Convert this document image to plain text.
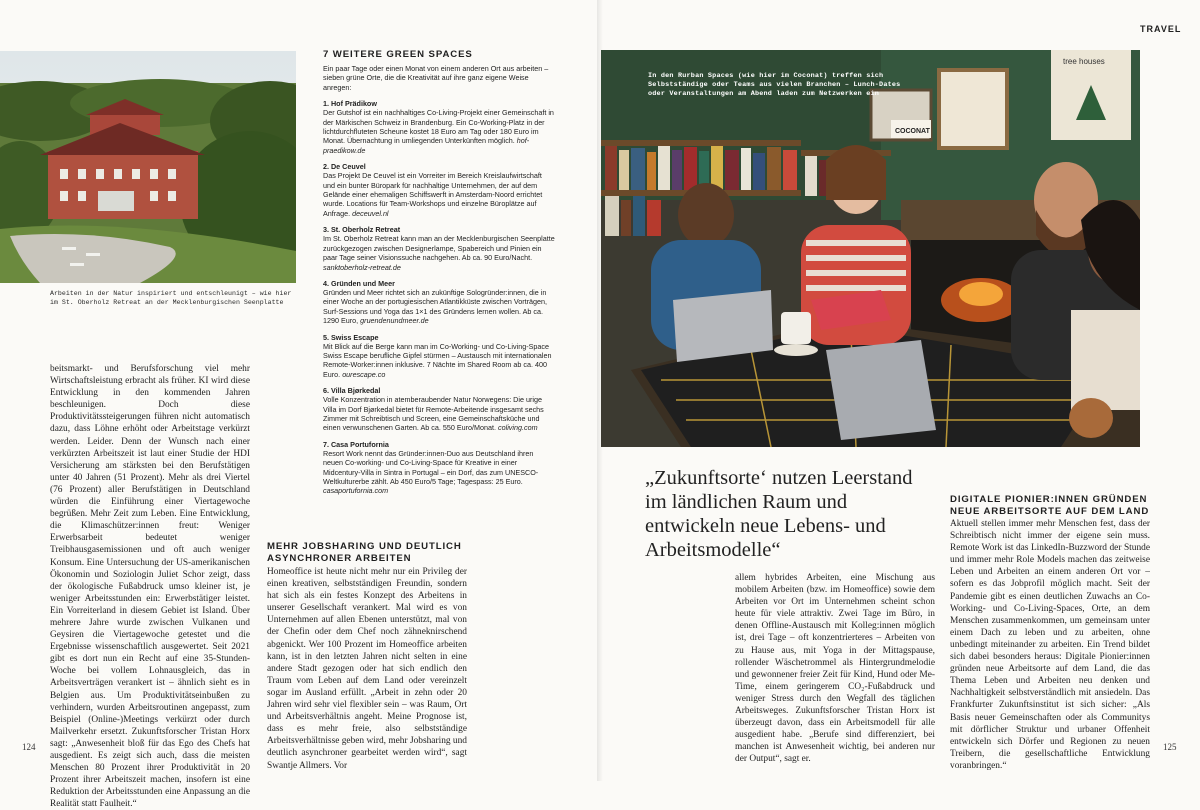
TRAVEL
Arbeiten in der Natur inspiriert und entschleunigt – wie hier im St. Oberholz Retreat an der Mecklenburgischen Seenplatte
beitsmarkt- und Berufsforschung viel mehr Wirtschaftsleistung erbracht als früher. KI wird diese Entwicklung in den kommenden Jahren beschleunigen. Doch diese Produktivitätssteigerungen führen nicht automatisch dazu, dass Löhne erhöht oder Arbeitstage verkürzt werden. Leider. Denn der Wunsch nach einer verkürzten Arbeitszeit ist laut einer Studie der HDI Versicherung am stärksten bei den Berufstätigen unter 40 Jahren (51 Prozent). Mehr als drei Viertel (76 Prozent) aller Berufstätigen in Deutschland würden die Einführung einer Viertagewoche begrüßen. Mehr Zeit zum Leben. Eine Entwicklung, die Klimaschützer:innen freut: Weniger Erwerbsarbeit bedeutet weniger Treibhausgasemissionen und oft auch weniger Konsum. Eine Untersuchung der US-amerikanischen Ökonomin und Soziologin Juliet Schor zeigt, dass der ökologische Fußabdruck umso kleiner ist, je weniger Arbeitsstunden ein: Erwerbstätiger leistet. Ein Vorreiterland in diesem Gebiet ist Island. Über mehrere Jahre wurde zwischen Vulkanen und Geysiren die Viertagewoche getestet und die Ergebnisse wissenschaftlich ausgewertet. Seit 2021 gibt es dort nun ein Recht auf eine 35-Stunden-Woche bei vollem Lohnausgleich, das in Arbeitsverträgen verankert ist – ähnlich sieht es in Belgien aus. Um Produktivitätseinbußen zu verhindern, wurden Arbeitsroutinen angepasst, zum Beispiel (Online-)Meetings verkürzt oder durch Mailverkehr ersetzt. Zukunftsforscher Tristan Horx sagt: „Anwesenheit bloß für das Ego des Chefs hat ausgedient. Es zeigt sich auch, dass die meisten Menschen 80 Prozent ihrer Produktivität in 20 Prozent ihrer Arbeitszeit machen, insofern ist eine Reduktion der Arbeitsstunden eine Anpassung an die Realität statt Faulheit.“
124
7 WEITERE GREEN SPACES
Ein paar Tage oder einen Monat von einem anderen Ort aus arbeiten – sieben grüne Orte, die die Kreativität auf ihre ganz eigene Weise anregen:
1. Hof Prädikow
Der Gutshof ist ein nachhaltiges Co-Living-Projekt einer Gemeinschaft in der Märkischen Schweiz in Brandenburg. Ein Co-Working-Platz in der lichtdurchfluteten Scheune kostet 18 Euro am Tag oder 180 Euro im Monat. Übernachtung in umliegenden Unterkünften möglich. hof-praedikow.de
2. De Ceuvel
Das Projekt De Ceuvel ist ein Vorreiter im Bereich Kreislaufwirtschaft und ein bunter Büropark für nachhaltige Unternehmen, der auf dem Gelände einer ehemaligen Schiffswerft in Amsterdam-Noord errichtet wurde. Locations für Team-Workshops und einzelne Büroplätze auf Anfrage. deceuvel.nl
3. St. Oberholz Retreat
Im St. Oberholz Retreat kann man an der Mecklenburgischen Seenplatte zurückgezogen zwischen Designerlampe, Spabereich und Pinien ein paar Tage seiner Visionssuche nachgehen. Ab ca. 90 Euro/Nacht. sanktoberholz-retreat.de
4. Gründen und Meer
Gründen und Meer richtet sich an zukünftige Sologründer:innen, die in einer Woche an der portugiesischen Atlantikküste zwischen Vorträgen, Surf-Sessions und Yoga das 1×1 des Gründens lernen wollen. Ab ca. 1290 Euro, gruendenundmeer.de
5. Swiss Escape
Mit Blick auf die Berge kann man im Co-Working- und Co-Living-Space Swiss Escape berufliche Gipfel stürmen – Austausch mit internationalen Remote-Worker:innen inklusive. 7 Nächte im Shared Room ab ca. 400 Euro. ourescape.co
6. Villa Bjørkedal
Volle Konzentration in atemberaubender Natur Norwegens: Die urige Villa im Dorf Bjørkedal bietet für Remote-Arbeitende insgesamt sechs Zimmer mit Schreibtisch und Screen, eine Gemeinschaftsküche und einen verwunschenen Garten. Ab ca. 550 Euro/Monat. coliving.com
7. Casa Portufornia
Resort Work nennt das Gründer:innen-Duo aus Deutschland ihren neuen Co-working- und Co-Living-Space für Kreative in einer Midcentury-Villa in Sintra in Portugal – ein Dorf, das zum UNESCO-Weltkulturerbe zählt. Ab 450 Euro/5 Tage; Tagespass: 25 Euro. casaportufornia.com
MEHR JOBSHARING UND DEUTLICH ASYNCHRONER ARBEITEN
Homeoffice ist heute nicht mehr nur ein Privileg der einen kreativen, selbstständigen Freundin, sondern hat sich als ein festes Konzept des Arbeitens in unserer Gesellschaft verankert. Mal wird es von Unternehmen auf allen Ebenen unterstützt, mal von der Chefin oder dem Chef noch zähneknirschend abgenickt. Wer 100 Prozent im Homeoffice arbeiten kann, ist in den letzten Jahren nicht selten in eine andere Stadt gezogen oder hat sich endlich den Traum vom Leben auf dem Land oder vereinzelt sogar im Ausland erfüllt. „Arbeit in zehn oder 20 Jahren wird sehr viel flexibler sein – was Raum, Ort und Arbeitsverhältnis angeht. Meine Prognose ist, dass es mehr freie, also selbstständige Arbeitsverhältnisse geben wird, mehr Jobsharing und deutlich asynchroner gearbeitet werden wird“, sagt Swantje Allmers. Vor
tree houses
COCONAT
In den Rurban Spaces (wie hier im Coconat) treffen sich Selbstständige oder Teams aus vielen Branchen – Lunch-Dates oder Veranstaltungen am Abend laden zum Netzwerken ein
„Zukunftsorte‘ nutzen Leerstand im ländlichen Raum und entwickeln neue Lebens- und Arbeitsmodelle“
allem hybrides Arbeiten, eine Mischung aus mobilem Arbeiten (bzw. im Homeoffice) sowie dem Arbeiten vor Ort im Unternehmen scheint schon heute für viele attraktiv. Zwei Tage im Büro, in denen Offline-Austausch mit Kolleg:innen möglich ist, drei Tage – oft konzentrierteres – Arbeiten von zu Hause aus, mit Yoga in der Mittagspause, rollender Wäschetrommel als Hintergrundmelodie und gewonnener freier Zeit für Kind, Hund oder Me-Time, einem geringerem CO₂-Fußabdruck und weniger Stress durch den Wegfall des täglichen Arbeitsweges. Zukunftsforscher Tristan Horx ist überzeugt davon, dass ein Arbeitsmodell für alle ausgedient habe. „Berufe sind differenziert, bei manchen ist Anwesenheit wichtig, bei anderen nur der Output“, sagt er.
DIGITALE PIONIER:INNEN GRÜNDEN NEUE ARBEITSORTE AUF DEM LAND
Aktuell stellen immer mehr Menschen fest, dass der Schreibtisch nicht immer der eigene sein muss. Remote Work ist das LinkedIn-Buzzword der Stunde und immer mehr Role Models machen das zeitweise Leben und Arbeiten an einem anderen Ort vor – sofern es das Jobprofil möglich macht. Seit der Pandemie gibt es einen deutlichen Zuwachs an Co-Working- und Co-Living-Spaces, Orte, an dem Menschen zusammenkommen, um gemeinsam unter einem Dach zu leben und zu arbeiten, ohne unbedingt miteinander zu arbeiten. Ein Trend bildet sich dabei besonders heraus: Digitale Pionier:innen gründen neue Arbeitsorte auf dem Land, die das Thema Leben und Arbeiten neu denken und Nachhaltigkeit selbstverständlich mit ansiedeln. Das Frankfurter Zukunftsinstitut ist sich sicher: „Als Basis neuer Gemeinschaften oder als Communitys mit dörflicher Struktur und urbaner Offenheit entwickeln sich Dörfer und Regionen zu neuen Treibern, die gesellschaftliche Entwicklung voranbringen.“
125
